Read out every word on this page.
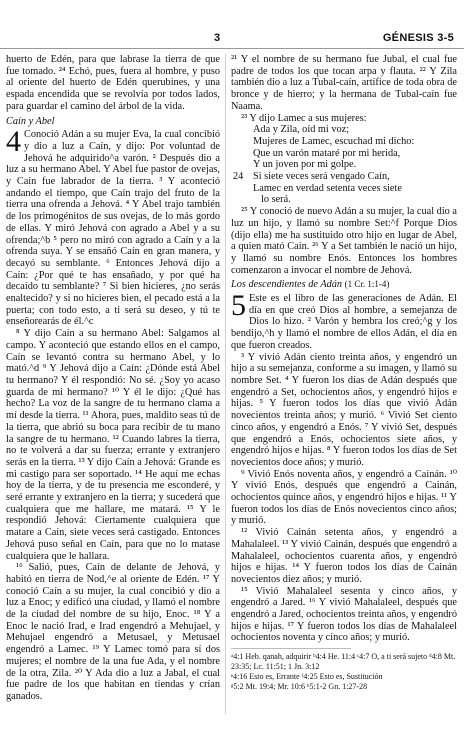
3	GÉNESIS 3-5

huerto de Edén, para que labrase la tierra de que fue tomado. ²⁴ Echó, pues, fuera al hombre, y puso al oriente del huerto de Edén querubines, y una espada encendida que se revolvía por todos lados, para guardar el camino del árbol de la vida.

Caín y Abel

4 Conoció Adán a su mujer Eva, la cual concibió y dio a luz a Caín, y dijo: Por voluntad de Jehová he adquirido^a varón. ² Después dio a luz a su hermano Abel. Y Abel fue pastor de ovejas, y Caín fue labrador de la tierra. ³ Y aconteció andando el tiempo, que Caín trajo del fruto de la tierra una ofrenda a Jehová. ⁴ Y Abel trajo también de los primogénitos de sus ovejas, de lo más gordo de ellas. Y miró Jehová con agrado a Abel y a su ofrenda;^b ⁵ pero no miró con agrado a Caín y a la ofrenda suya. Y se ensañó Caín en gran manera, y decayó su semblante. ⁶ Entonces Jehová dijo a Caín: ¿Por qué te has ensañado, y por qué ha decaído tu semblante? ⁷ Si bien hicieres, ¿no serás enaltecido? y si no hicieres bien, el pecado está a la puerta; con todo esto, a ti será su deseo, y tú te enseñorearás de él.^c

⁸ Y dijo Caín a su hermano Abel: Salgamos al campo. Y aconteció que estando ellos en el campo, Caín se levantó contra su hermano Abel, y lo mató.^d ⁹ Y Jehová dijo a Caín: ¿Dónde está Abel tu hermano? Y él respondió: No sé. ¿Soy yo acaso guarda de mi hermano? ¹⁰ Y él le dijo: ¿Qué has hecho? La voz de la sangre de tu hermano clama a mí desde la tierra. ¹¹ Ahora, pues, maldito seas tú de la tierra, que abrió su boca para recibir de tu mano la sangre de tu hermano. ¹² Cuando labres la tierra, no te volverá a dar su fuerza; errante y extranjero serás en la tierra. ¹³ Y dijo Caín a Jehová: Grande es mi castigo para ser soportado. ¹⁴ He aquí me echas hoy de la tierra, y de tu presencia me esconderé, y seré errante y extranjero en la tierra; y sucederá que cualquiera que me hallare, me matará. ¹⁵ Y le respondió Jehová: Ciertamente cualquiera que matare a Caín, siete veces será castigado. Entonces Jehová puso señal en Caín, para que no lo matase cualquiera que le hallara.

¹⁶ Salió, pues, Caín de delante de Jehová, y habitó en tierra de Nod,^e al oriente de Edén. ¹⁷ Y conoció Caín a su mujer, la cual concibió y dio a luz a Enoc; y edificó una ciudad, y llamó el nombre de la ciudad del nombre de su hijo, Enoc. ¹⁸ Y a Enoc le nació Irad, e Irad engendró a Mehujael, y Mehujael engendró a Metusael, y Metusael engendró a Lamec. ¹⁹ Y Lamec tomó para sí dos mujeres; el nombre de la una fue Ada, y el nombre de la otra, Zila. ²⁰ Y Ada dio a luz a Jabal, el cual fue padre de los que habitan en tiendas y crían ganados.

²¹ Y el nombre de su hermano fue Jubal, el cual fue padre de todos los que tocan arpa y flauta. ²² Y Zila también dio a luz a Tubal-caín, artífice de toda obra de bronce y de hierro; y la hermana de Tubal-caín fue Naama.

²³ Y dijo Lamec a sus mujeres:

Ada y Zila, oíd mi voz;
Mujeres de Lamec, escuchad mi dicho:
Que un varón mataré por mi herida,
Y un joven por mi golpe.
24 Si siete veces será vengado Caín,
Lamec en verdad setenta veces siete
lo será.

²⁵ Y conoció de nuevo Adán a su mujer, la cual dio a luz un hijo, y llamó su nombre Set:^f Porque Dios (dijo ella) me ha sustituido otro hijo en lugar de Abel, a quien mató Caín. ²⁶ Y a Set también le nació un hijo, y llamó su nombre Enós. Entonces los hombres comenzaron a invocar el nombre de Jehová.

Los descendientes de Adán (1 Cr. 1:1-4)

5 Este es el libro de las generaciones de Adán. El día en que creó Dios al hombre, a semejanza de Dios lo hizo. ² Varón y hembra los creó;^g y los bendijo,^h y llamó el nombre de ellos Adán, el día en que fueron creados.

³ Y vivió Adán ciento treinta años, y engendró un hijo a su semejanza, conforme a su imagen, y llamó su nombre Set. ⁴ Y fueron los días de Adán después que engendró a Set, ochocientos años, y engendró hijos e hijas. ⁵ Y fueron todos los días que vivió Adán novecientos treinta años; y murió. ⁶ Vivió Set ciento cinco años, y engendró a Enós. ⁷ Y vivió Set, después que engendró a Enós, ochocientos siete años, y engendró hijos e hijas. ⁸ Y fueron todos los días de Set novecientos doce años; y murió.

⁹ Vivió Enós noventa años, y engendró a Cainán. ¹⁰ Y vivió Enós, después que engendró a Cainán, ochocientos quince años, y engendró hijos e hijas. ¹¹ Y fueron todos los días de Enós novecientos cinco años; y murió.

¹² Vivió Cainán setenta años, y engendró a Mahalaleel. ¹³ Y vivió Cainán, después que engendró a Mahalaleel, ochocientos cuarenta años, y engendró hijos e hijas. ¹⁴ Y fueron todos los días de Cainán novecientos diez años; y murió.

¹⁵ Vivió Mahalaleel sesenta y cinco años, y engendró a Jared. ¹⁶ Y vivió Mahalaleel, después que engendró a Jared, ochocientos treinta años, y engendró hijos e hijas. ¹⁷ Y fueron todos los días de Mahalaleel ochocientos noventa y cinco años; y murió.

ᵃ4:1 Heb. qanah, adquirir ᵇ4:4 He. 11:4 ᶜ4:7 O, a ti será sujeto ᵈ4:8 Mt. 23:35; Lc. 11:51; 1 Jn. 3:12
ᵉ4:16 Esto es, Errante ᶠ4:25 Esto es, Sustitución
ᵍ5:2 Mt. 19:4; Mr. 10:6 ʰ5:1-2 Gn. 1:27-28
